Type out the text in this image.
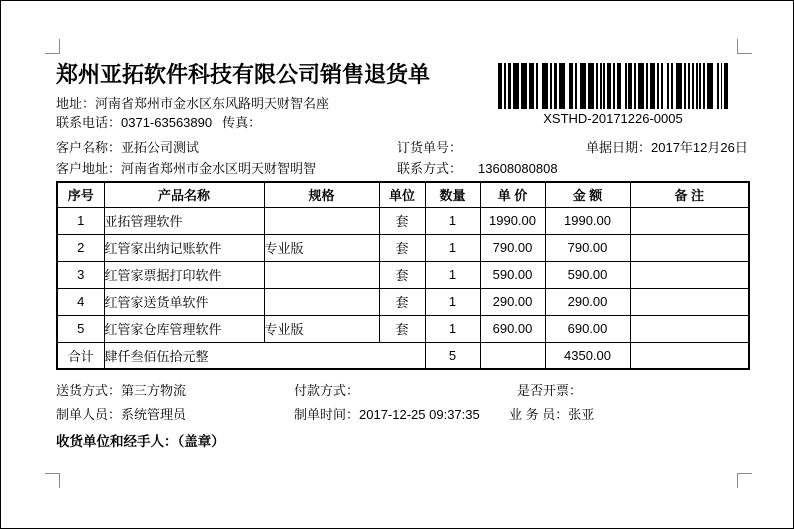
郑州亚拓软件科技有限公司销售退货单
地址：河南省郑州市金水区东风路明天财智名座
联系电话：0371-63563890 传真：	XSTHD-20171226-0005
客户名称：亚拓公司测试	订货单号：	单据日期：2017年12月26日
客户地址：河南省郑州市金水区明天财智明智	联系方式： 13608080808
序号	产品名称	规格	单位	数量	单 价	金 额	备 注
1	亚拓管理软件		套	1	1990.00	1990.00	
2	红管家出纳记账软件	专业版	套	1	790.00	790.00	
3	红管家票据打印软件		套	1	590.00	590.00	
4	红管家送货单软件		套	1	290.00	290.00	
5	红管家仓库管理软件	专业版	套	1	690.00	690.00	
合计	肆仟叁佰伍拾元整			5		4350.00	
送货方式：第三方物流	付款方式：	是否开票：
制单人员：系统管理员	制单时间：2017-12-25 09:37:35 业 务 员：张亚
收货单位和经手人：（盖章）
